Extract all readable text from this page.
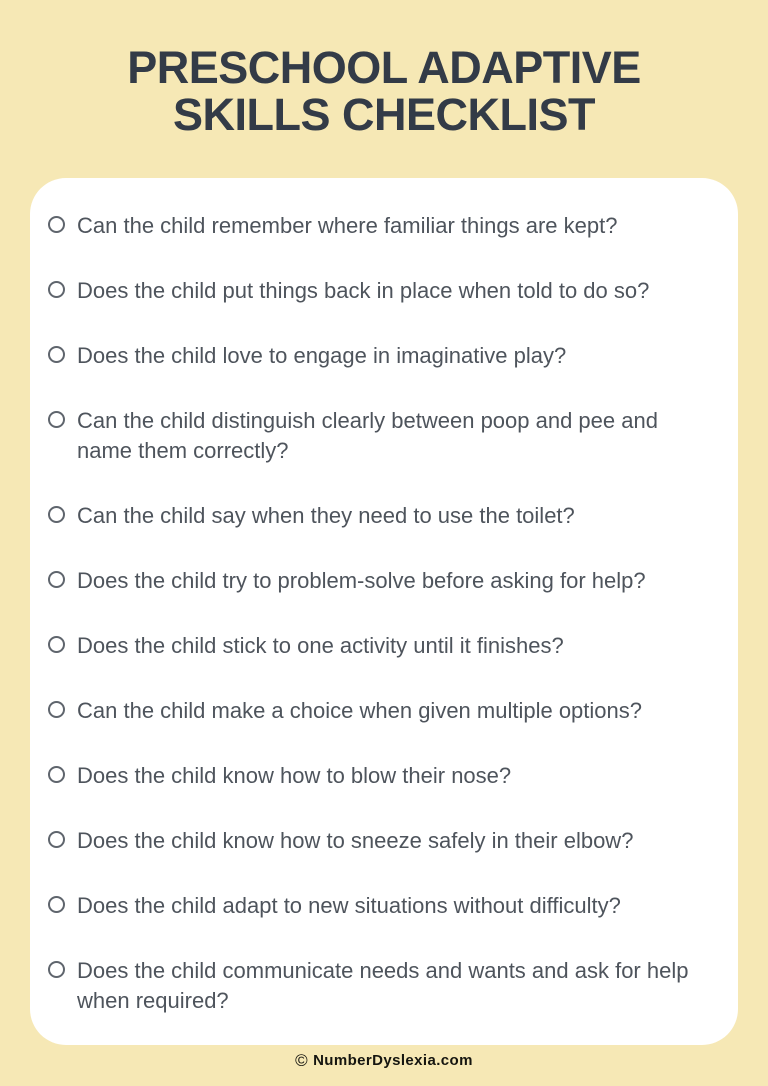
PRESCHOOL ADAPTIVE
SKILLS CHECKLIST
Can the child remember where familiar things are kept?
Does the child put things back in place when told to do so?
Does the child love to engage in imaginative play?
Can the child distinguish clearly between poop and pee and name them correctly?
Can the child say when they need to use the toilet?
Does the child try to problem-solve before asking for help?
Does the child stick to one activity until it finishes?
Can the child make a choice when given multiple options?
Does the child know how to blow their nose?
Does the child know how to sneeze safely in their elbow?
Does the child adapt to new situations without difficulty?
Does the child communicate needs and wants and ask for help when required?
© NumberDyslexia.com
